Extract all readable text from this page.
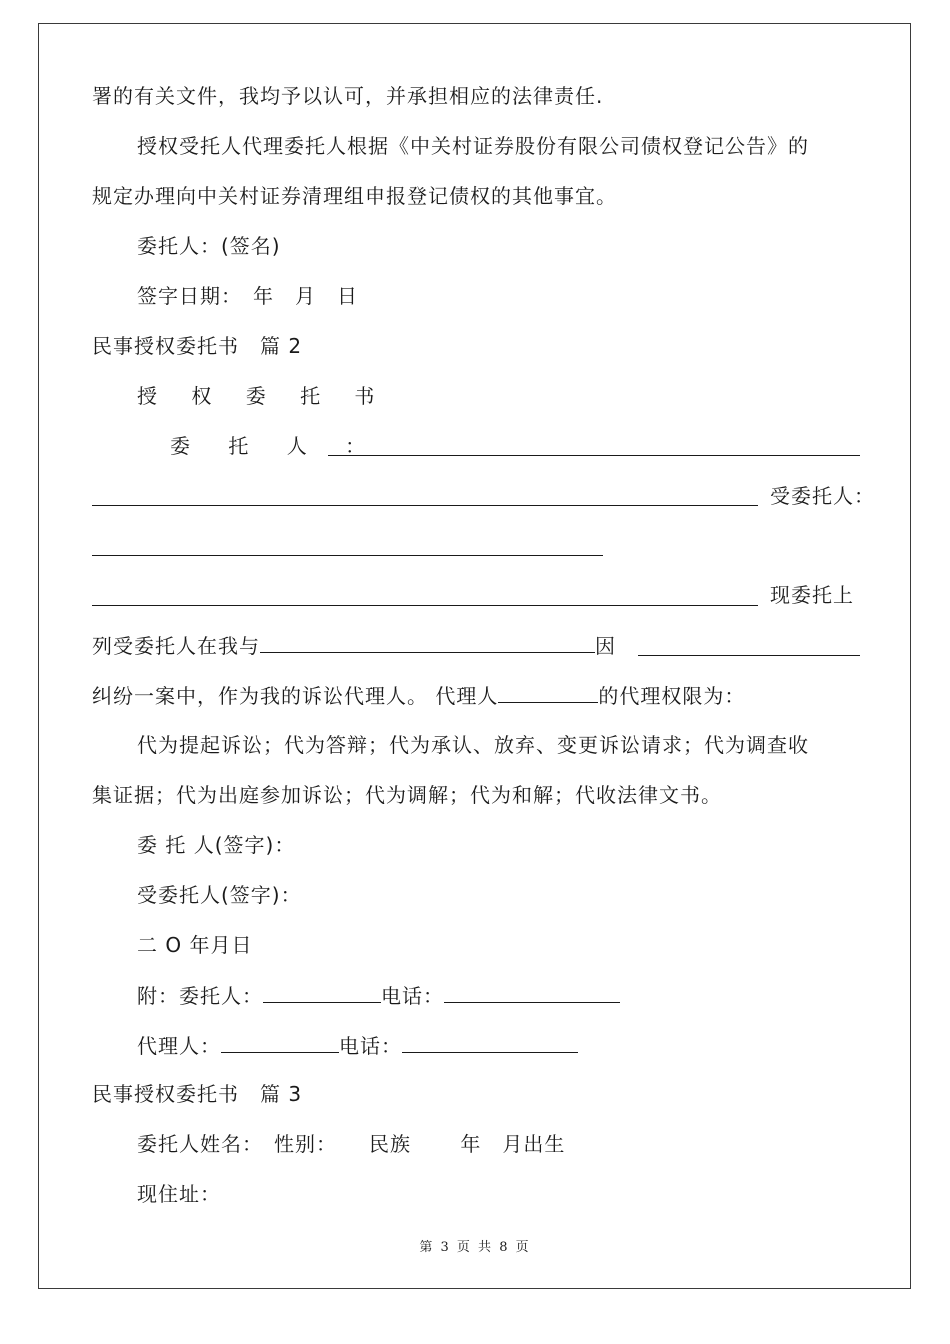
署的有关文件，我均予以认可，并承担相应的法律责任.
授权受托人代理委托人根据《中关村证券股份有限公司债权登记公告》的
规定办理向中关村证券清理组申报登记债权的其他事宜。
委托人：(签名)
签字日期：　年　月　日
民事授权委托书　篇 2
授 权 委 托 书
委 托 人 ：
受委托人：
现委托上
列受委托人在我与	因
纠纷一案中，作为我的诉讼代理人。 代理人	的代理权限为：
代为提起诉讼；代为答辩；代为承认、放弃、变更诉讼请求；代为调查收
集证据；代为出庭参加诉讼；代为调解；代为和解；代收法律文书。
委 托 人(签字)：
受委托人(签字)：
二 O 年月日
附：委托人：	电话：
代理人：	电话：
民事授权委托书　篇 3
委托人姓名：　性别：　　民族　　 年　月出生
现住址：
第 3 页 共 8 页
